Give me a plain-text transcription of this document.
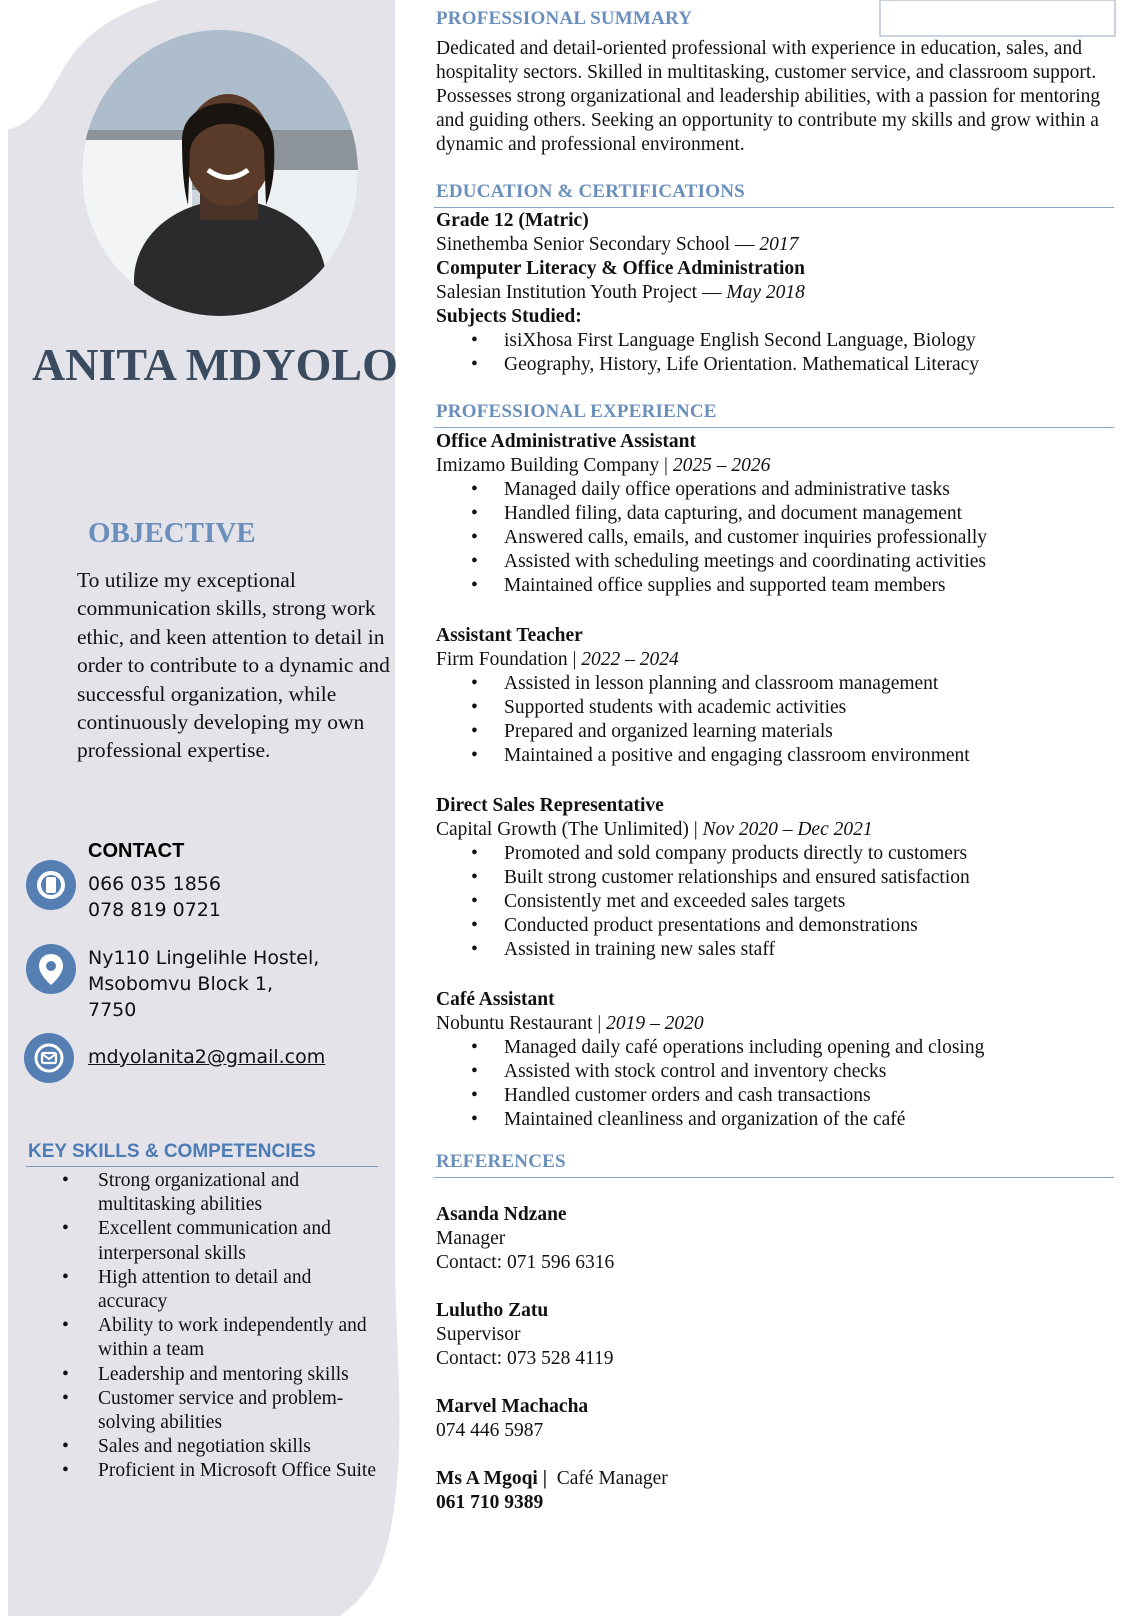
ANITA MDYOLO
OBJECTIVE
To utilize my exceptional communication skills, strong work ethic, and keen attention to detail in order to contribute to a dynamic and successful organization, while continuously developing my own professional expertise.
CONTACT
066 035 1856
078 819 0721
Ny110 Lingelihle Hostel,
Msobomvu Block 1,
7750
mdyolanita2@gmail.com
KEY SKILLS & COMPETENCIES
• Strong organizational and multitasking abilities
• Excellent communication and interpersonal skills
• High attention to detail and accuracy
• Ability to work independently and within a team
• Leadership and mentoring skills
• Customer service and problem-solving abilities
• Sales and negotiation skills
• Proficient in Microsoft Office Suite
PROFESSIONAL SUMMARY
Dedicated and detail-oriented professional with experience in education, sales, and hospitality sectors. Skilled in multitasking, customer service, and classroom support. Possesses strong organizational and leadership abilities, with a passion for mentoring and guiding others. Seeking an opportunity to contribute my skills and grow within a dynamic and professional environment.
EDUCATION & CERTIFICATIONS
Grade 12 (Matric)
Sinethemba Senior Secondary School — 2017
Computer Literacy & Office Administration
Salesian Institution Youth Project — May 2018
Subjects Studied:
• isiXhosa First Language English Second Language, Biology
• Geography, History, Life Orientation. Mathematical Literacy
PROFESSIONAL EXPERIENCE
Office Administrative Assistant
Imizamo Building Company | 2025 – 2026
• Managed daily office operations and administrative tasks
• Handled filing, data capturing, and document management
• Answered calls, emails, and customer inquiries professionally
• Assisted with scheduling meetings and coordinating activities
• Maintained office supplies and supported team members
Assistant Teacher
Firm Foundation | 2022 – 2024
• Assisted in lesson planning and classroom management
• Supported students with academic activities
• Prepared and organized learning materials
• Maintained a positive and engaging classroom environment
Direct Sales Representative
Capital Growth (The Unlimited) | Nov 2020 – Dec 2021
• Promoted and sold company products directly to customers
• Built strong customer relationships and ensured satisfaction
• Consistently met and exceeded sales targets
• Conducted product presentations and demonstrations
• Assisted in training new sales staff
Café Assistant
Nobuntu Restaurant | 2019 – 2020
• Managed daily café operations including opening and closing
• Assisted with stock control and inventory checks
• Handled customer orders and cash transactions
• Maintained cleanliness and organization of the café
REFERENCES
Asanda Ndzane
Manager
Contact: 071 596 6316
Lulutho Zatu
Supervisor
Contact: 073 528 4119
Marvel Machacha
074 446 5987
Ms A Mgoqi | Café Manager
061 710 9389
